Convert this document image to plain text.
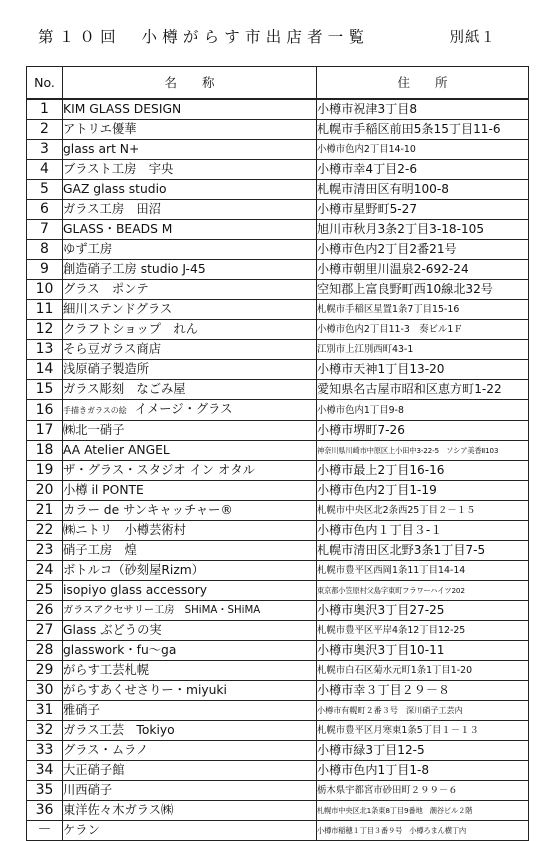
第１０回　小樽がらす市出店者一覧	別紙１
No.	名　　称	住　　所
1	KIM GLASS DESIGN	小樽市祝津3丁目8
2	アトリエ優華	札幌市手稲区前田5条15丁目11-6
3	glass art N+	小樽市色内2丁目14-10
4	ブラスト工房　宇央	小樽市幸4丁目2-6
5	GAZ glass studio	札幌市清田区有明100-8
6	ガラス工房　田沼	小樽市星野町5-27
7	GLASS・BEADS M	旭川市秋月3条2丁目3-18-105
8	ゆず工房	小樽市色内2丁目2番21号
9	創造硝子工房 studio J-45	小樽市朝里川温泉2-692-24
10	グラス　ポンテ	空知郡上富良野町西10線北32号
11	細川ステンドグラス	札幌市手稲区星置1条7丁目15-16
12	クラフトショップ　れん	小樽市色内2丁目11-3　奏ビル1Ｆ
13	そら豆ガラス商店	江別市上江別西町43-1
14	浅原硝子製造所	小樽市天神1丁目13-20
15	ガラス彫刻　なごみ屋	愛知県名古屋市昭和区恵方町1-22
16	手描きガラスの絵 イメージ・グラス	小樽市色内1丁目9-8
17	㈱北一硝子	小樽市堺町7-26
18	AA Atelier ANGEL	神奈川県川崎市中原区上小田中3-22-5　ソシア美香Ⅱ103
19	ザ・グラス・スタジオ イン オタル	小樽市最上2丁目16-16
20	小樽 il PONTE	小樽市色内2丁目1-19
21	カラー de サンキャッチャー®	札幌市中央区北2条西25丁目２－１５
22	㈱ニトリ　小樽芸術村	小樽市色内１丁目３-１
23	硝子工房　煌	札幌市清田区北野3条1丁目7-5
24	ボトルコ（砂刻屋Rizm）	札幌市豊平区西岡1条11丁目14-14
25	isopiyo glass accessory	東京都小笠原村父島字東町フラワーハイツ202
26	ガラスアクセサリー工房　SHiMA・SHiMA	小樽市奥沢3丁目27-25
27	Glass ぶどうの実	札幌市豊平区平岸4条12丁目12-25
28	glasswork・fu～ga	小樽市奥沢3丁目10-11
29	がらす工芸札幌	札幌市白石区菊水元町1条1丁目1-20
30	がらすあくせさりー・miyuki	小樽市幸３丁目２９－８
31	雅硝子	小樽市有幌町２番３号　深川硝子工芸内
32	ガラス工芸　Tokiyo	札幌市豊平区月寒東1条5丁目１－１３
33	グラス・ムラノ	小樽市緑3丁目12-5
34	大正硝子館	小樽市色内1丁目1-8
35	川西硝子	栃木県宇都宮市砂田町２９９－６
36	東洋佐々木ガラス㈱	札幌市中央区北1条東8丁目9番地　潮谷ビル２階
－	ケラン	小樽市稲穂１丁目３番９号　小樽ろまん横丁内
